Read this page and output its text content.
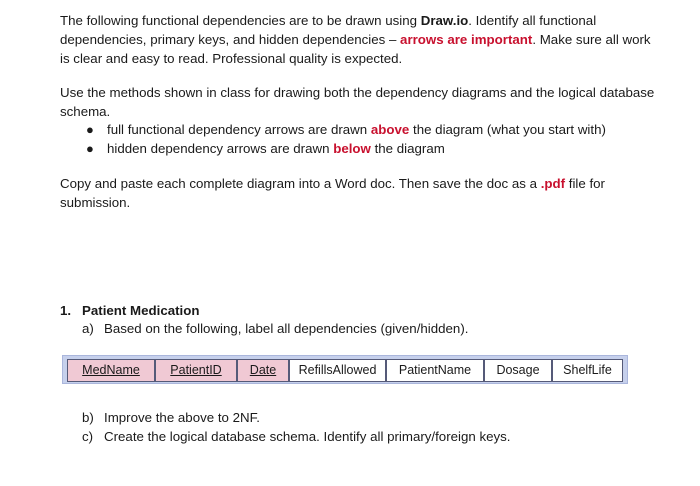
The following functional dependencies are to be drawn using Draw.io. Identify all functional dependencies, primary keys, and hidden dependencies – arrows are important. Make sure all work is clear and easy to read. Professional quality is expected.

Use the methods shown in class for drawing both the dependency diagrams and the logical database schema.

● full functional dependency arrows are drawn above the diagram (what you start with)
● hidden dependency arrows are drawn below the diagram

Copy and paste each complete diagram into a Word doc. Then save the doc as a .pdf file for submission.

1. Patient Medication
a) Based on the following, label all dependencies (given/hidden).
MedName	PatientID	Date	RefillsAllowed	PatientName	Dosage	ShelfLife
b) Improve the above to 2NF.
c) Create the logical database schema. Identify all primary/foreign keys.
